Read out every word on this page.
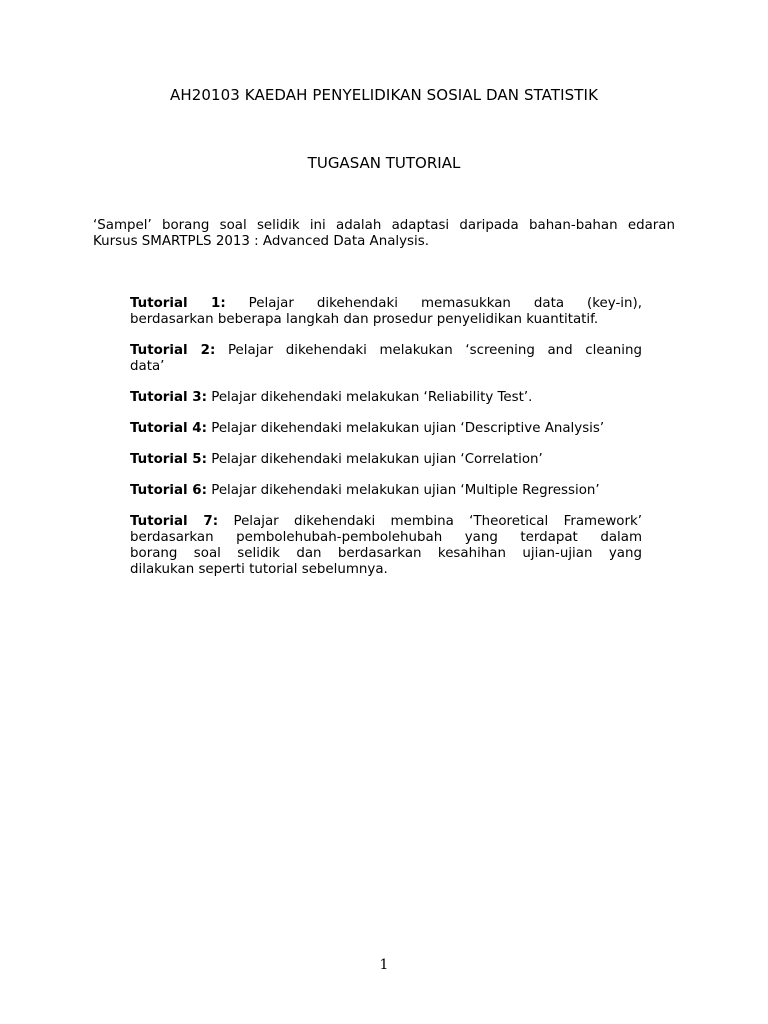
AH20103 KAEDAH PENYELIDIKAN SOSIAL DAN STATISTIK
TUGASAN TUTORIAL
‘Sampel’ borang soal selidik ini adalah adaptasi daripada bahan-bahan edaran
Kursus SMARTPLS 2013 : Advanced Data Analysis.

Tutorial 1: Pelajar dikehendaki memasukkan data (key-in),
berdasarkan beberapa langkah dan prosedur penyelidikan kuantitatif.

Tutorial 2: Pelajar dikehendaki melakukan ‘screening and cleaning
data’

Tutorial 3: Pelajar dikehendaki melakukan ‘Reliability Test’.

Tutorial 4: Pelajar dikehendaki melakukan ujian ‘Descriptive Analysis’

Tutorial 5: Pelajar dikehendaki melakukan ujian ‘Correlation’

Tutorial 6: Pelajar dikehendaki melakukan ujian ‘Multiple Regression’

Tutorial 7: Pelajar dikehendaki membina ‘Theoretical Framework’
berdasarkan pembolehubah-pembolehubah yang terdapat dalam
borang soal selidik dan berdasarkan kesahihan ujian-ujian yang
dilakukan seperti tutorial sebelumnya.

1
